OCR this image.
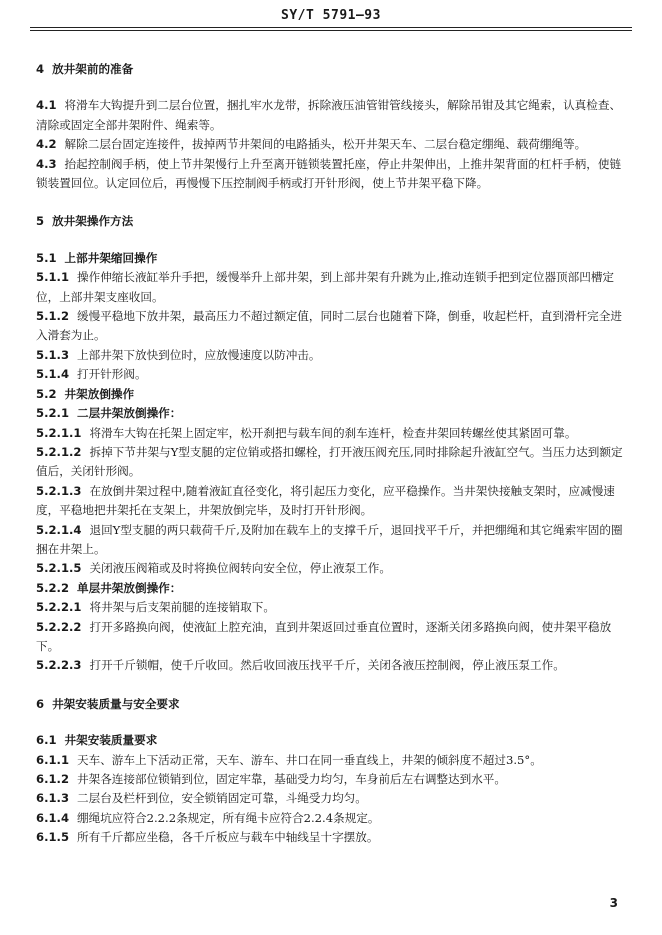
SY/T 5791—93

4 放井架前的准备

4.1 将滑车大钩提升到二层台位置，捆扎牢水龙带，拆除液压油管钳管线接头，解除吊钳及其它绳索，认真检查、清除或固定全部井架附件、绳索等。

4.2 解除二层台固定连接件，拔掉两节井架间的电路插头，松开井架天车、二层台稳定绷绳、载荷绷绳等。

4.3 抬起控制阀手柄，使上节井架慢行上升至离开链锁装置托座，停止井架伸出，上推井架背面的杠杆手柄，使链锁装置回位。认定回位后，再慢慢下压控制阀手柄或打开针形阀，使上节井架平稳下降。

5 放井架操作方法

5.1 上部井架缩回操作

5.1.1 操作伸缩长液缸举升手把，缓慢举升上部井架，到上部井架有升跳为止,推动连锁手把到定位器顶部凹槽定位，上部井架支座收回。

5.1.2 缓慢平稳地下放井架，最高压力不超过额定值，同时二层台也随着下降，倒垂，收起栏杆，直到滑杆完全进入滑套为止。

5.1.3 上部井架下放快到位时，应放慢速度以防冲击。

5.1.4 打开针形阀。

5.2 井架放倒操作

5.2.1 二层井架放倒操作：

5.2.1.1 将滑车大钩在托架上固定牢，松开刹把与载车间的刹车连杆，检查井架回转螺丝使其紧固可靠。

5.2.1.2 拆掉下节井架与Y型支腿的定位销或搭扣螺栓，打开液压阀充压,同时排除起升液缸空气。当压力达到额定值后，关闭针形阀。

5.2.1.3 在放倒井架过程中,随着液缸直径变化，将引起压力变化，应平稳操作。当井架快接触支架时，应减慢速度，平稳地把井架托在支架上，井架放倒完毕，及时打开针形阀。

5.2.1.4 退回Y型支腿的两只载荷千斤,及附加在载车上的支撑千斤，退回找平千斤，并把绷绳和其它绳索牢固的圈捆在井架上。

5.2.1.5 关闭液压阀箱或及时将换位阀转向安全位，停止液泵工作。

5.2.2 单层井架放倒操作：

5.2.2.1 将井架与后支架前腿的连接销取下。

5.2.2.2 打开多路换向阀，使液缸上腔充油，直到井架返回过垂直位置时，逐渐关闭多路换向阀，使井架平稳放下。

5.2.2.3 打开千斤锁帽，使千斤收回。然后收回液压找平千斤，关闭各液压控制阀，停止液压泵工作。

6 井架安装质量与安全要求

6.1 井架安装质量要求

6.1.1 天车、游车上下活动正常，天车、游车、井口在同一垂直线上，井架的倾斜度不超过3.5°。

6.1.2 井架各连接部位锁销到位，固定牢靠，基础受力均匀，车身前后左右调整达到水平。

6.1.3 二层台及栏杆到位，安全锁销固定可靠，斗绳受力均匀。

6.1.4 绷绳坑应符合2.2.2条规定，所有绳卡应符合2.2.4条规定。

6.1.5 所有千斤都应坐稳，各千斤板应与载车中轴线呈十字摆放。

3
